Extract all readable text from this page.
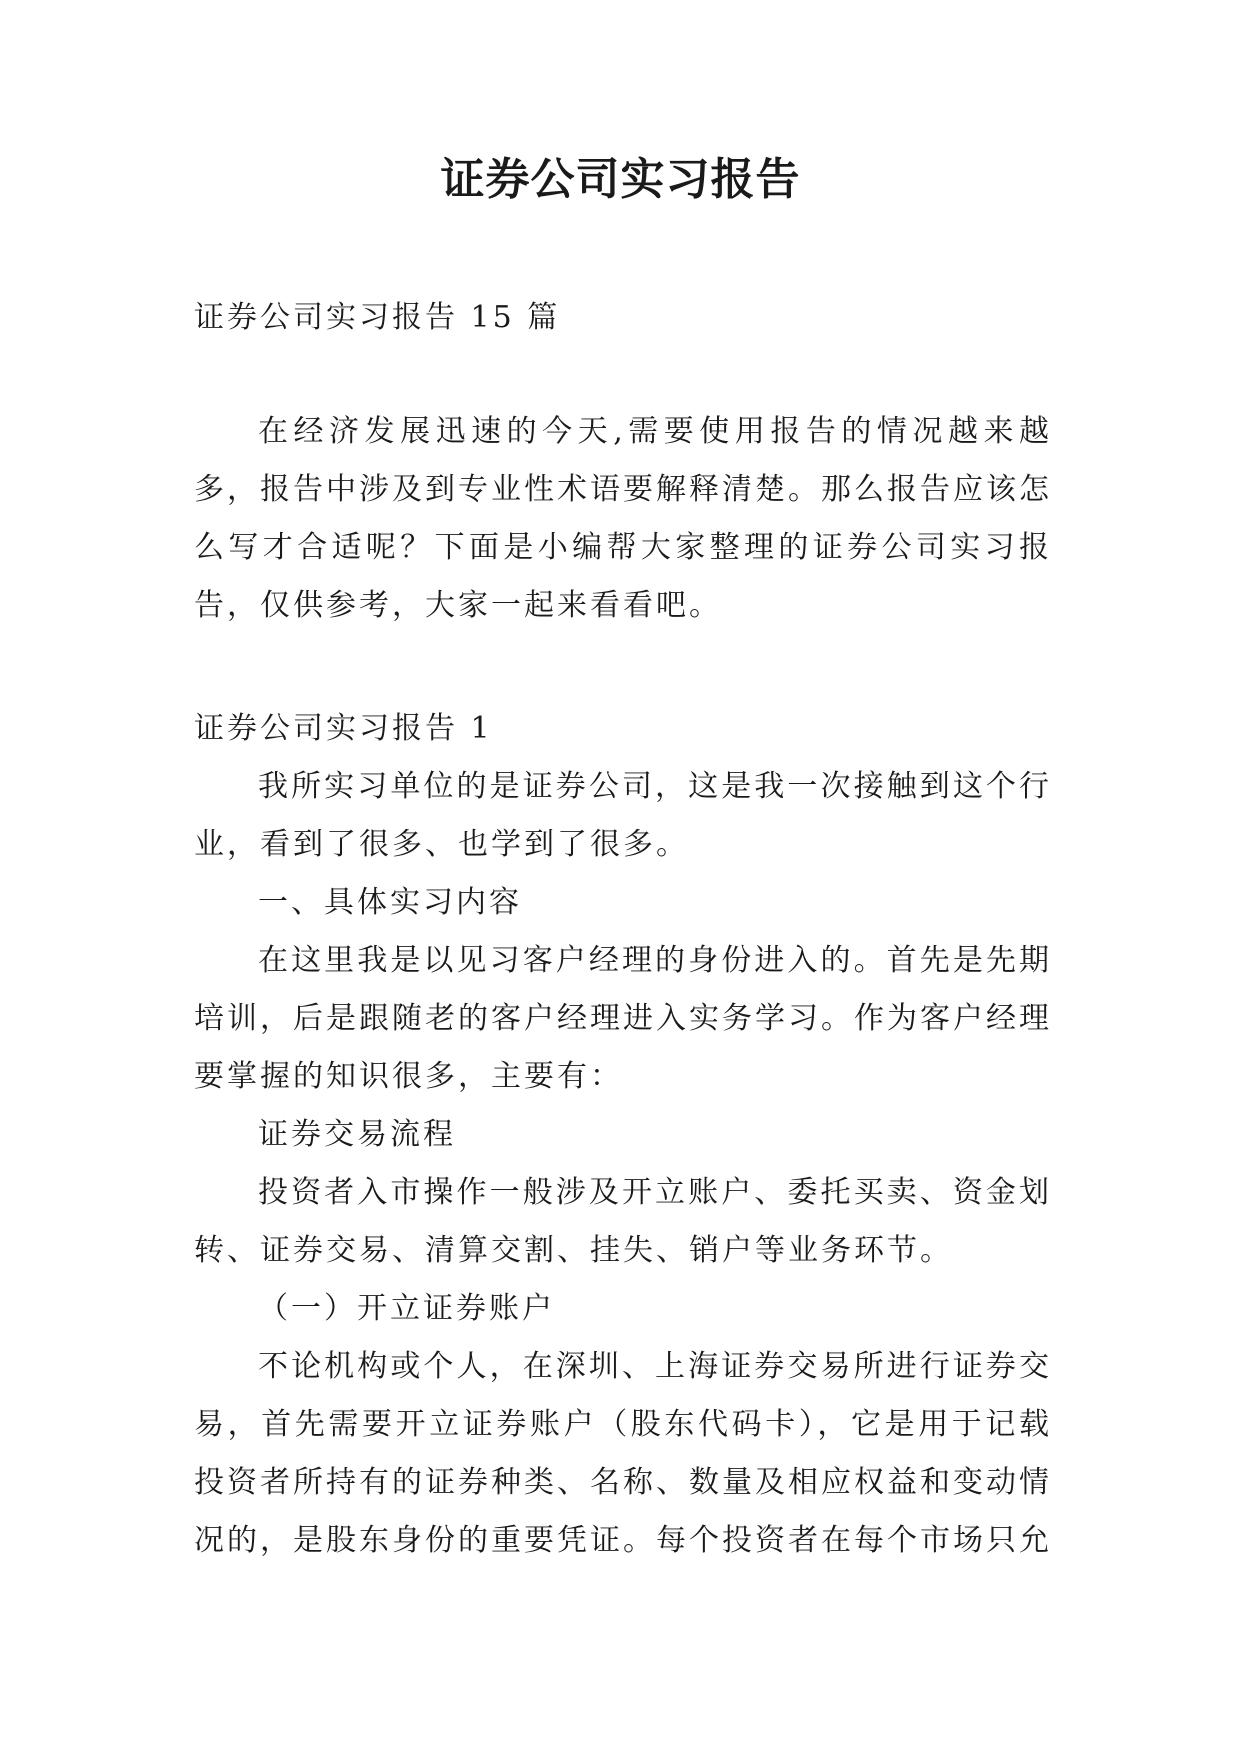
证券公司实习报告

证券公司实习报告 15 篇

在经济发展迅速的今天,需要使用报告的情况越来越多，报告中涉及到专业性术语要解释清楚。那么报告应该怎么写才合适呢？下面是小编帮大家整理的证券公司实习报告，仅供参考，大家一起来看看吧。

证券公司实习报告 1

我所实习单位的是证券公司，这是我一次接触到这个行业，看到了很多、也学到了很多。

一、具体实习内容

在这里我是以见习客户经理的身份进入的。首先是先期培训，后是跟随老的客户经理进入实务学习。作为客户经理要掌握的知识很多，主要有：

证券交易流程

投资者入市操作一般涉及开立账户、委托买卖、资金划转、证券交易、清算交割、挂失、销户等业务环节。

（一）开立证券账户

不论机构或个人，在深圳、上海证券交易所进行证券交易，首先需要开立证券账户（股东代码卡），它是用于记载投资者所持有的证券种类、名称、数量及相应权益和变动情况的，是股东身份的重要凭证。每个投资者在每个市场只允
